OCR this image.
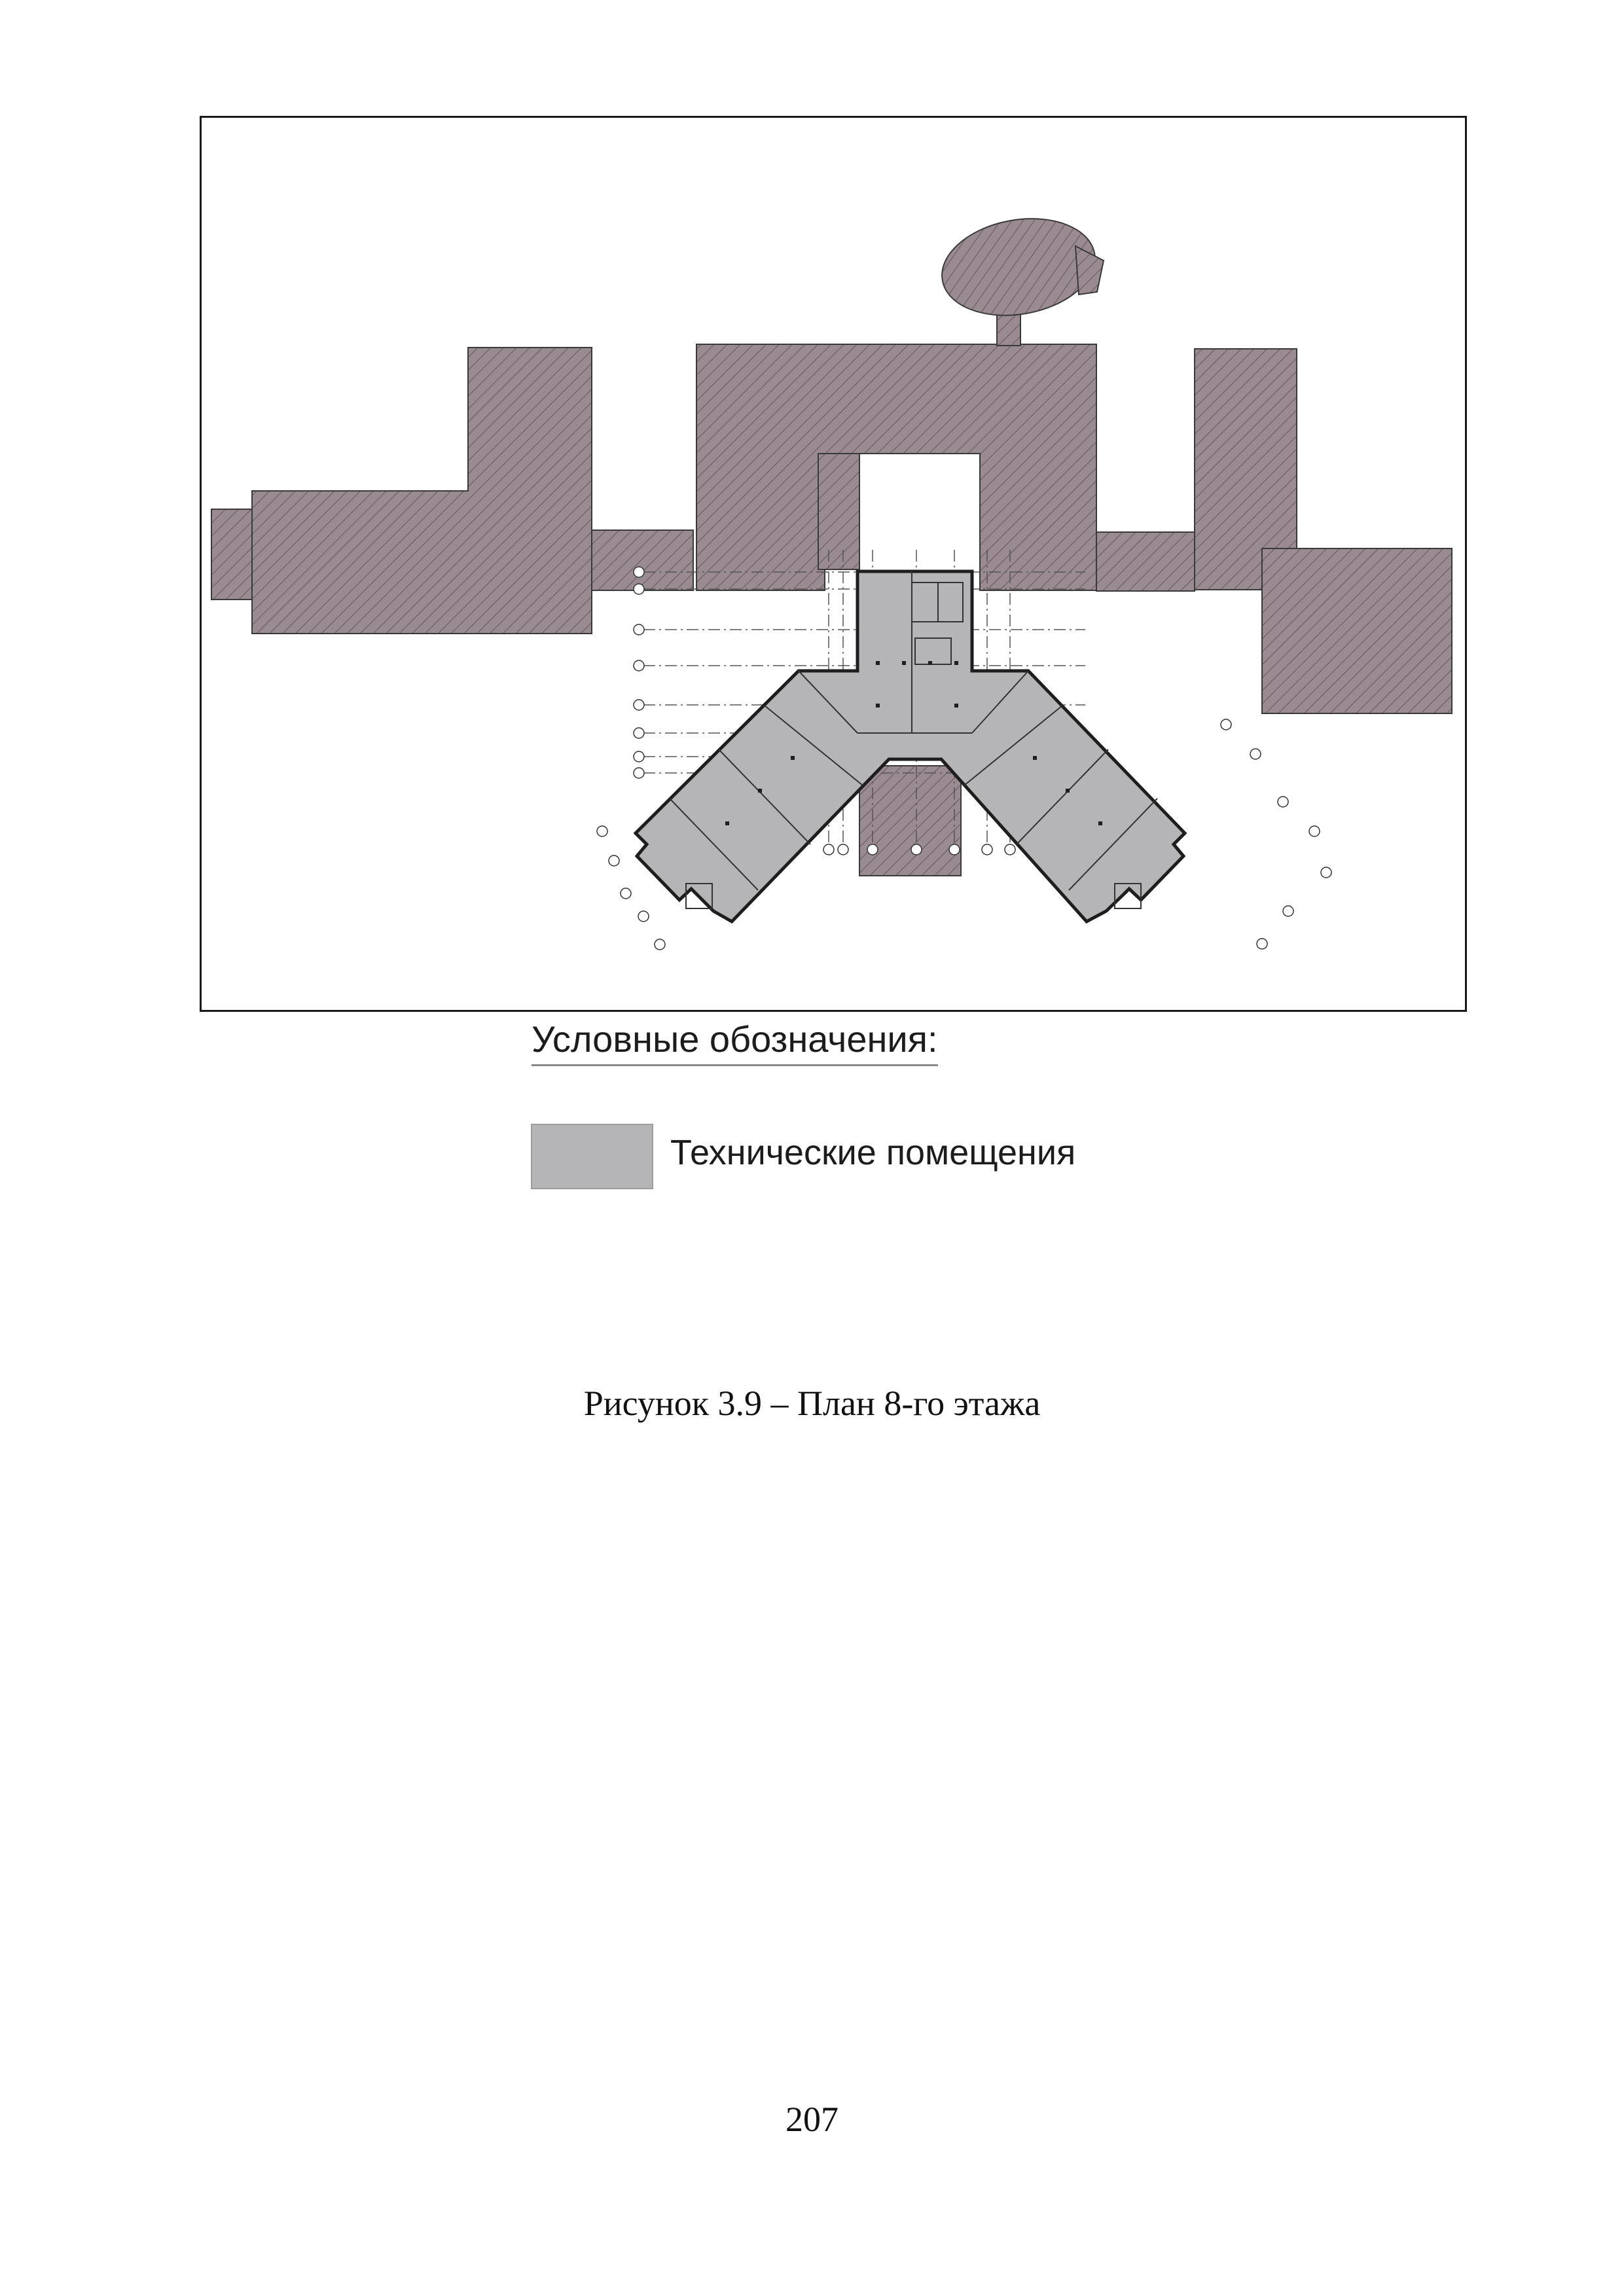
Условные обозначения:
Технические помещения
Рисунок 3.9 – План 8-го этажа
207
